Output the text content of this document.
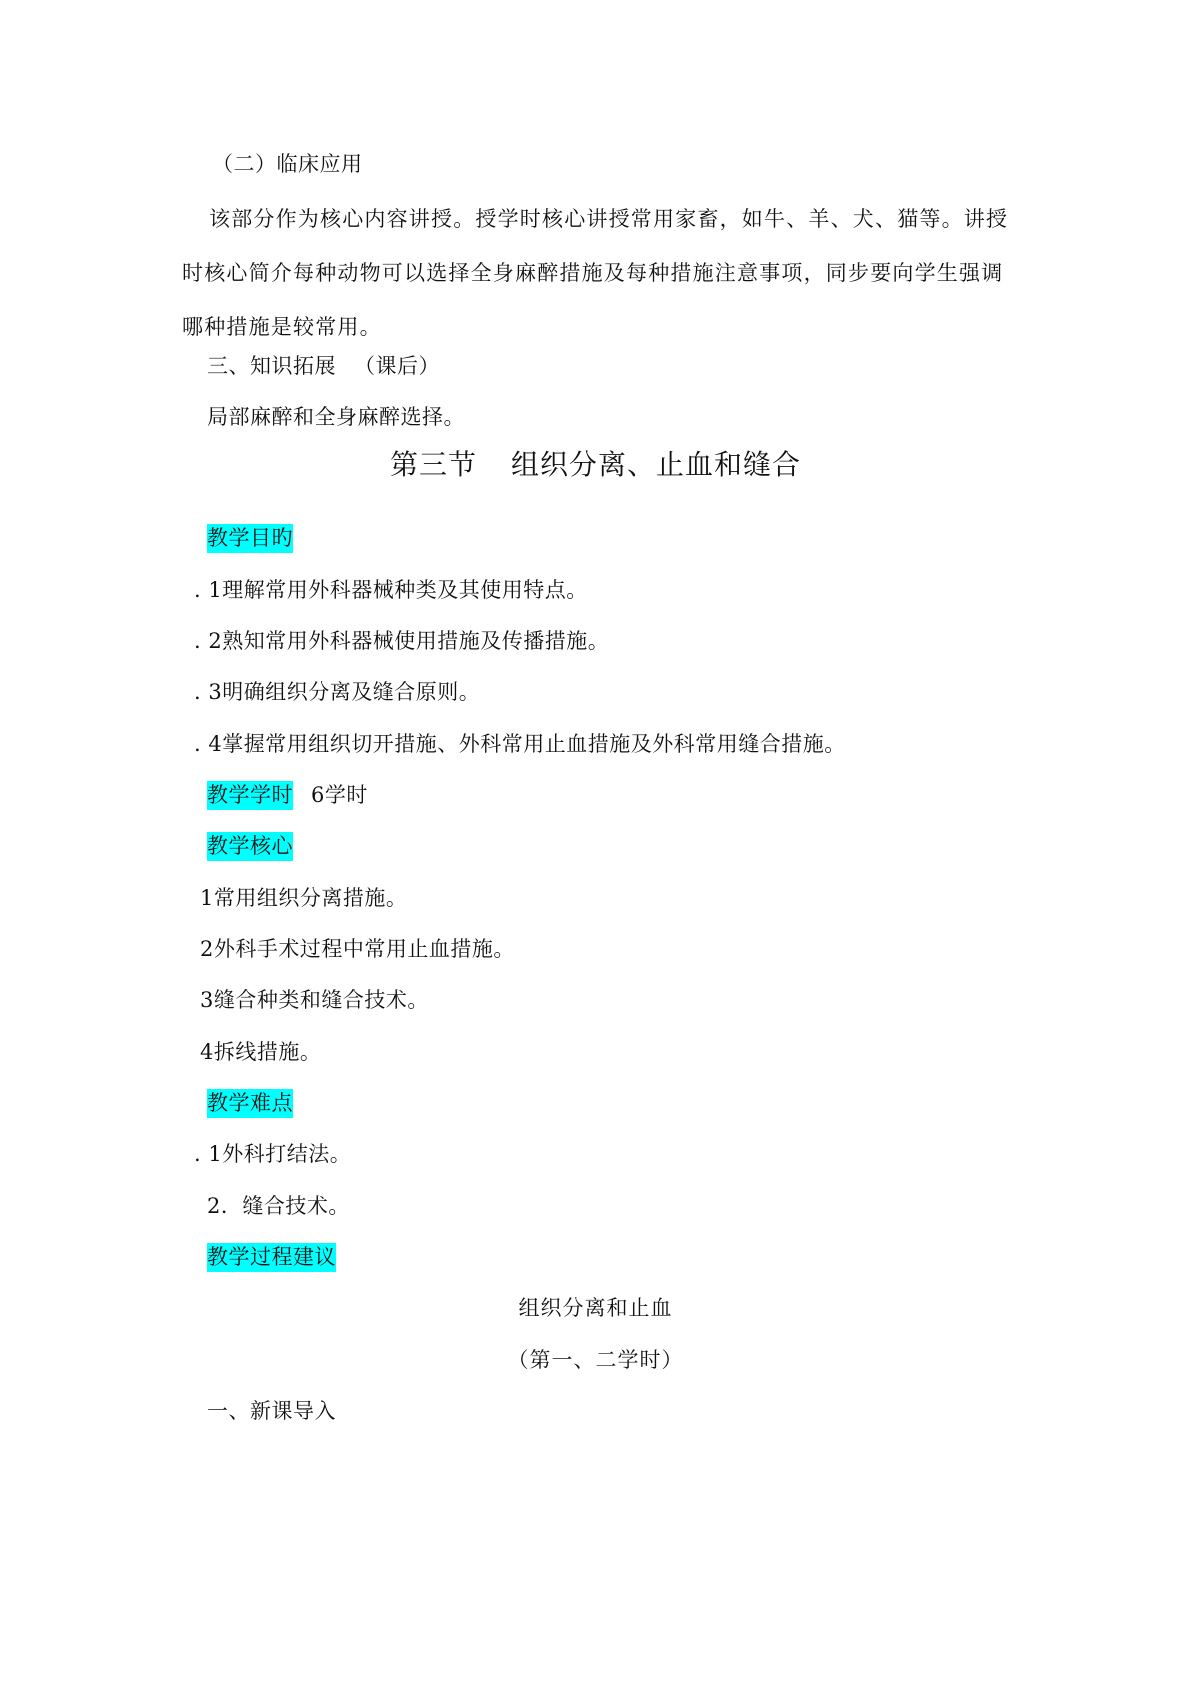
（二）临床应用
该部分作为核心内容讲授。授学时核心讲授常用家畜，如牛、羊、犬、猫等。讲授时核心简介每种动物可以选择全身麻醉措施及每种措施注意事项，同步要向学生强调哪种措施是较常用。
三、知识拓展 （课后）
局部麻醉和全身麻醉选择。
第三节 组织分离、止血和缝合
教学目旳
. 1理解常用外科器械种类及其使用特点。
. 2熟知常用外科器械使用措施及传播措施。
. 3明确组织分离及缝合原则。
. 4掌握常用组织切开措施、外科常用止血措施及外科常用缝合措施。
教学学时 6学时
教学核心
1常用组织分离措施。
2外科手术过程中常用止血措施。
3缝合种类和缝合技术。
4拆线措施。
教学难点
. 1外科打结法。
2．缝合技术。
教学过程建议
组织分离和止血
（第一、二学时）
一、新课导入
